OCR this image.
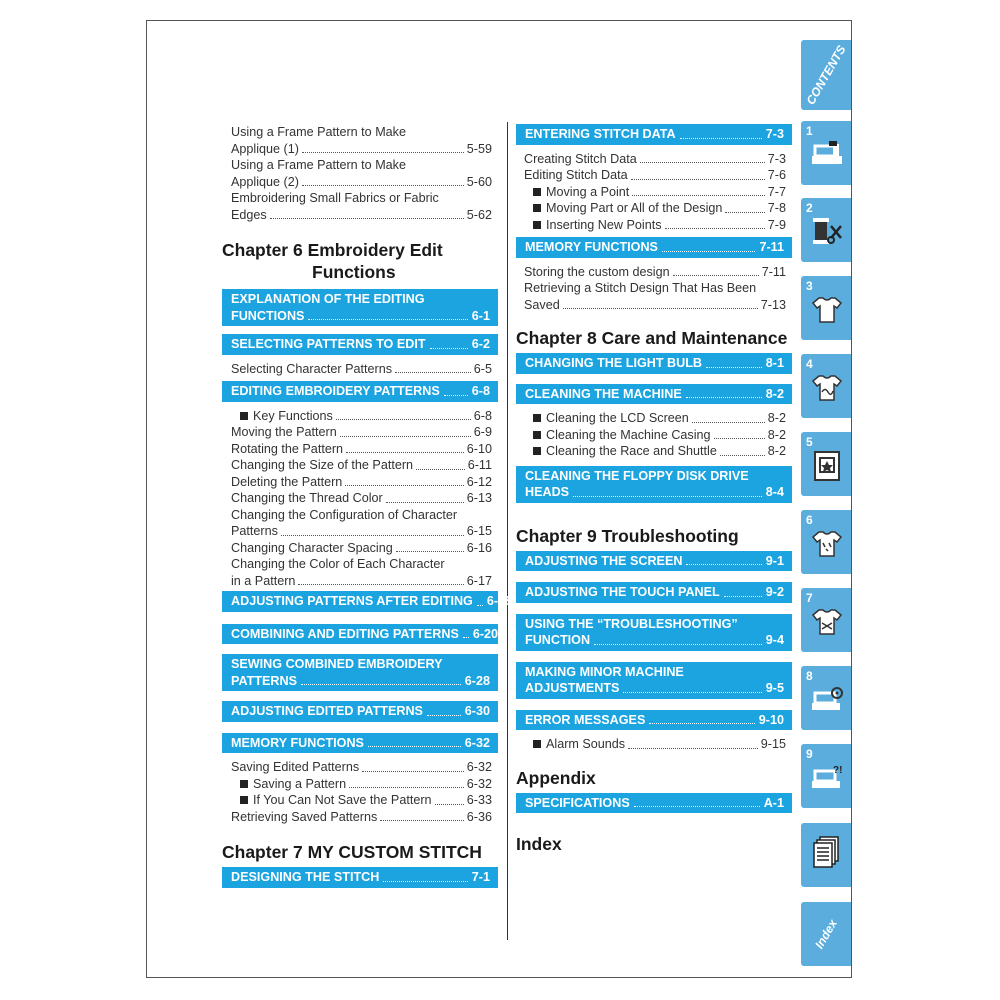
Using a Frame Pattern to Make
Applique (1)	5-59
Using a Frame Pattern to Make
Applique (2)	5-60
Embroidering Small Fabrics or Fabric
Edges	5-62
Chapter 6 Embroidery Edit
Functions
EXPLANATION OF THE EDITING
FUNCTIONS	6-1
SELECTING PATTERNS TO EDIT	6-2
Selecting Character Patterns	6-5
EDITING EMBROIDERY PATTERNS	6-8
Key Functions	6-8
Moving the Pattern	6-9
Rotating the Pattern	6-10
Changing the Size of the Pattern	6-11
Deleting the Pattern	6-12
Changing the Thread Color	6-13
Changing the Configuration of Character
Patterns	6-15
Changing Character Spacing	6-16
Changing the Color of Each Character
in a Pattern	6-17
ADJUSTING PATTERNS AFTER EDITING 6-18
COMBINING AND EDITING PATTERNS 6-20
SEWING COMBINED EMBROIDERY
PATTERNS	6-28
ADJUSTING EDITED PATTERNS	6-30
MEMORY FUNCTIONS	6-32
Saving Edited Patterns	6-32
Saving a Pattern	6-32
If You Can Not Save the Pattern	6-33
Retrieving Saved Patterns	6-36
Chapter 7 MY CUSTOM STITCH
DESIGNING THE STITCH	7-1
ENTERING STITCH DATA	7-3
Creating Stitch Data	7-3
Editing Stitch Data	7-6
Moving a Point	7-7
Moving Part or All of the Design	7-8
Inserting New Points	7-9
MEMORY FUNCTIONS	7-11
Storing the custom design	7-11
Retrieving a Stitch Design That Has Been
Saved	7-13
Chapter 8 Care and Maintenance
CHANGING THE LIGHT BULB	8-1
CLEANING THE MACHINE	8-2
Cleaning the LCD Screen	8-2
Cleaning the Machine Casing	8-2
Cleaning the Race and Shuttle	8-2
CLEANING THE FLOPPY DISK DRIVE
HEADS	8-4
Chapter 9 Troubleshooting
ADJUSTING THE SCREEN	9-1
ADJUSTING THE TOUCH PANEL	9-2
USING THE “TROUBLESHOOTING”
FUNCTION	9-4
MAKING MINOR MACHINE
ADJUSTMENTS	9-5
ERROR MESSAGES	9-10
Alarm Sounds	9-15
Appendix
SPECIFICATIONS	A-1
Index
CONTENTS
1
2
3
4
5
6
7
8
9
?!
Index
